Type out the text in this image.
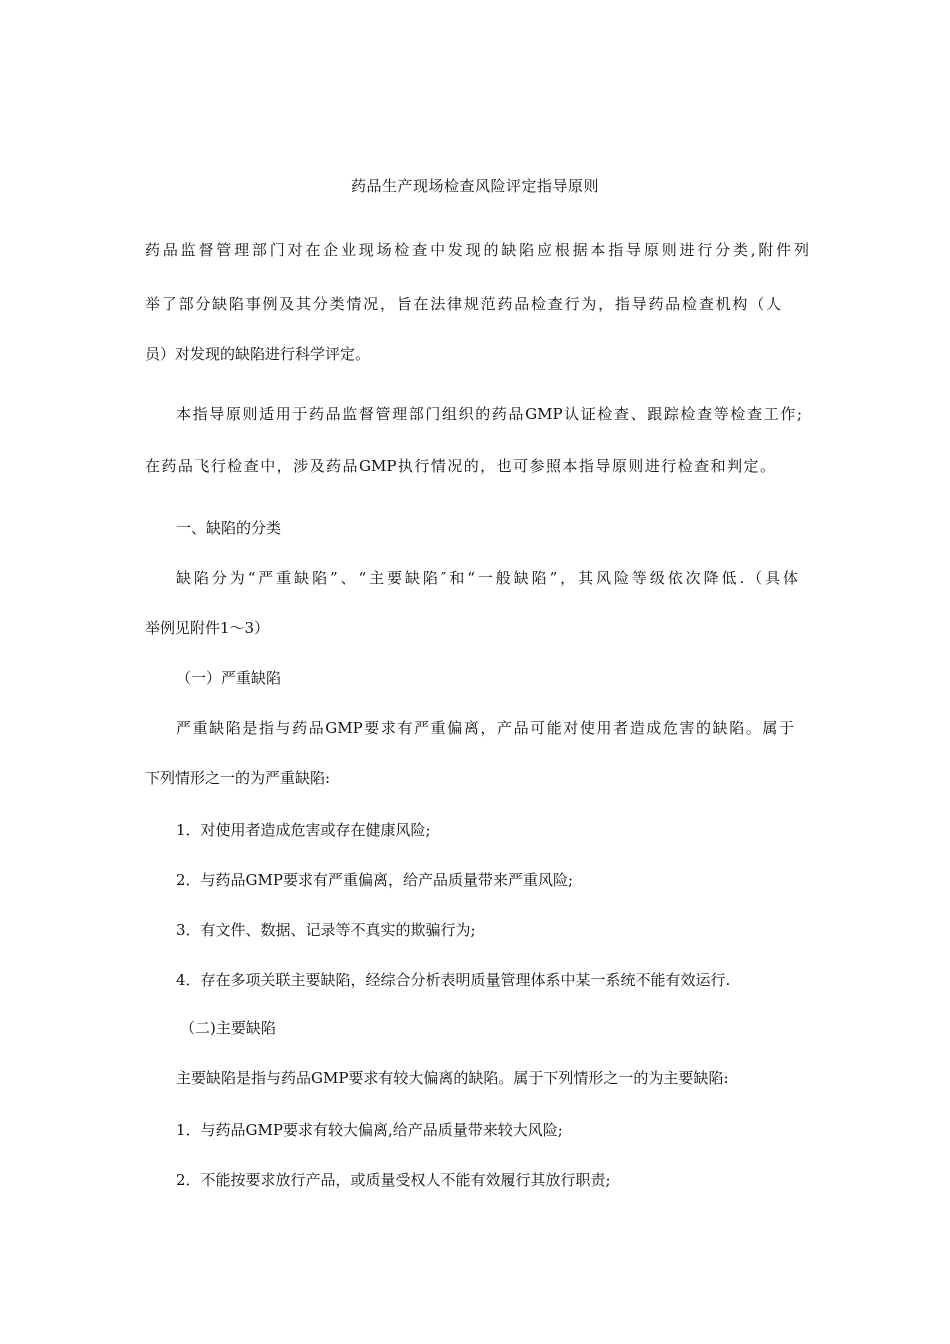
药品生产现场检查风险评定指导原则
药品监督管理部门对在企业现场检查中发现的缺陷应根据本指导原则进行分类,附件列
举了部分缺陷事例及其分类情况，旨在法律规范药品检查行为，指导药品检查机构（人
员）对发现的缺陷进行科学评定。
本指导原则适用于药品监督管理部门组织的药品GMP认证检查、跟踪检查等检查工作;
在药品飞行检查中，涉及药品GMP执行情况的，也可参照本指导原则进行检查和判定。
一、缺陷的分类
缺陷分为“严重缺陷”、“主要缺陷″和“一般缺陷”，其风险等级依次降低.（具体
举例见附件1～3）
（一）严重缺陷
严重缺陷是指与药品GMP要求有严重偏离，产品可能对使用者造成危害的缺陷。属于
下列情形之一的为严重缺陷:
1．对使用者造成危害或存在健康风险;
2．与药品GMP要求有严重偏离，给产品质量带来严重风险;
3．有文件、数据、记录等不真实的欺骗行为;
4．存在多项关联主要缺陷，经综合分析表明质量管理体系中某一系统不能有效运行.
（二)主要缺陷
主要缺陷是指与药品GMP要求有较大偏离的缺陷。属于下列情形之一的为主要缺陷:
1．与药品GMP要求有较大偏离,给产品质量带来较大风险;
2．不能按要求放行产品，或质量受权人不能有效履行其放行职责;
